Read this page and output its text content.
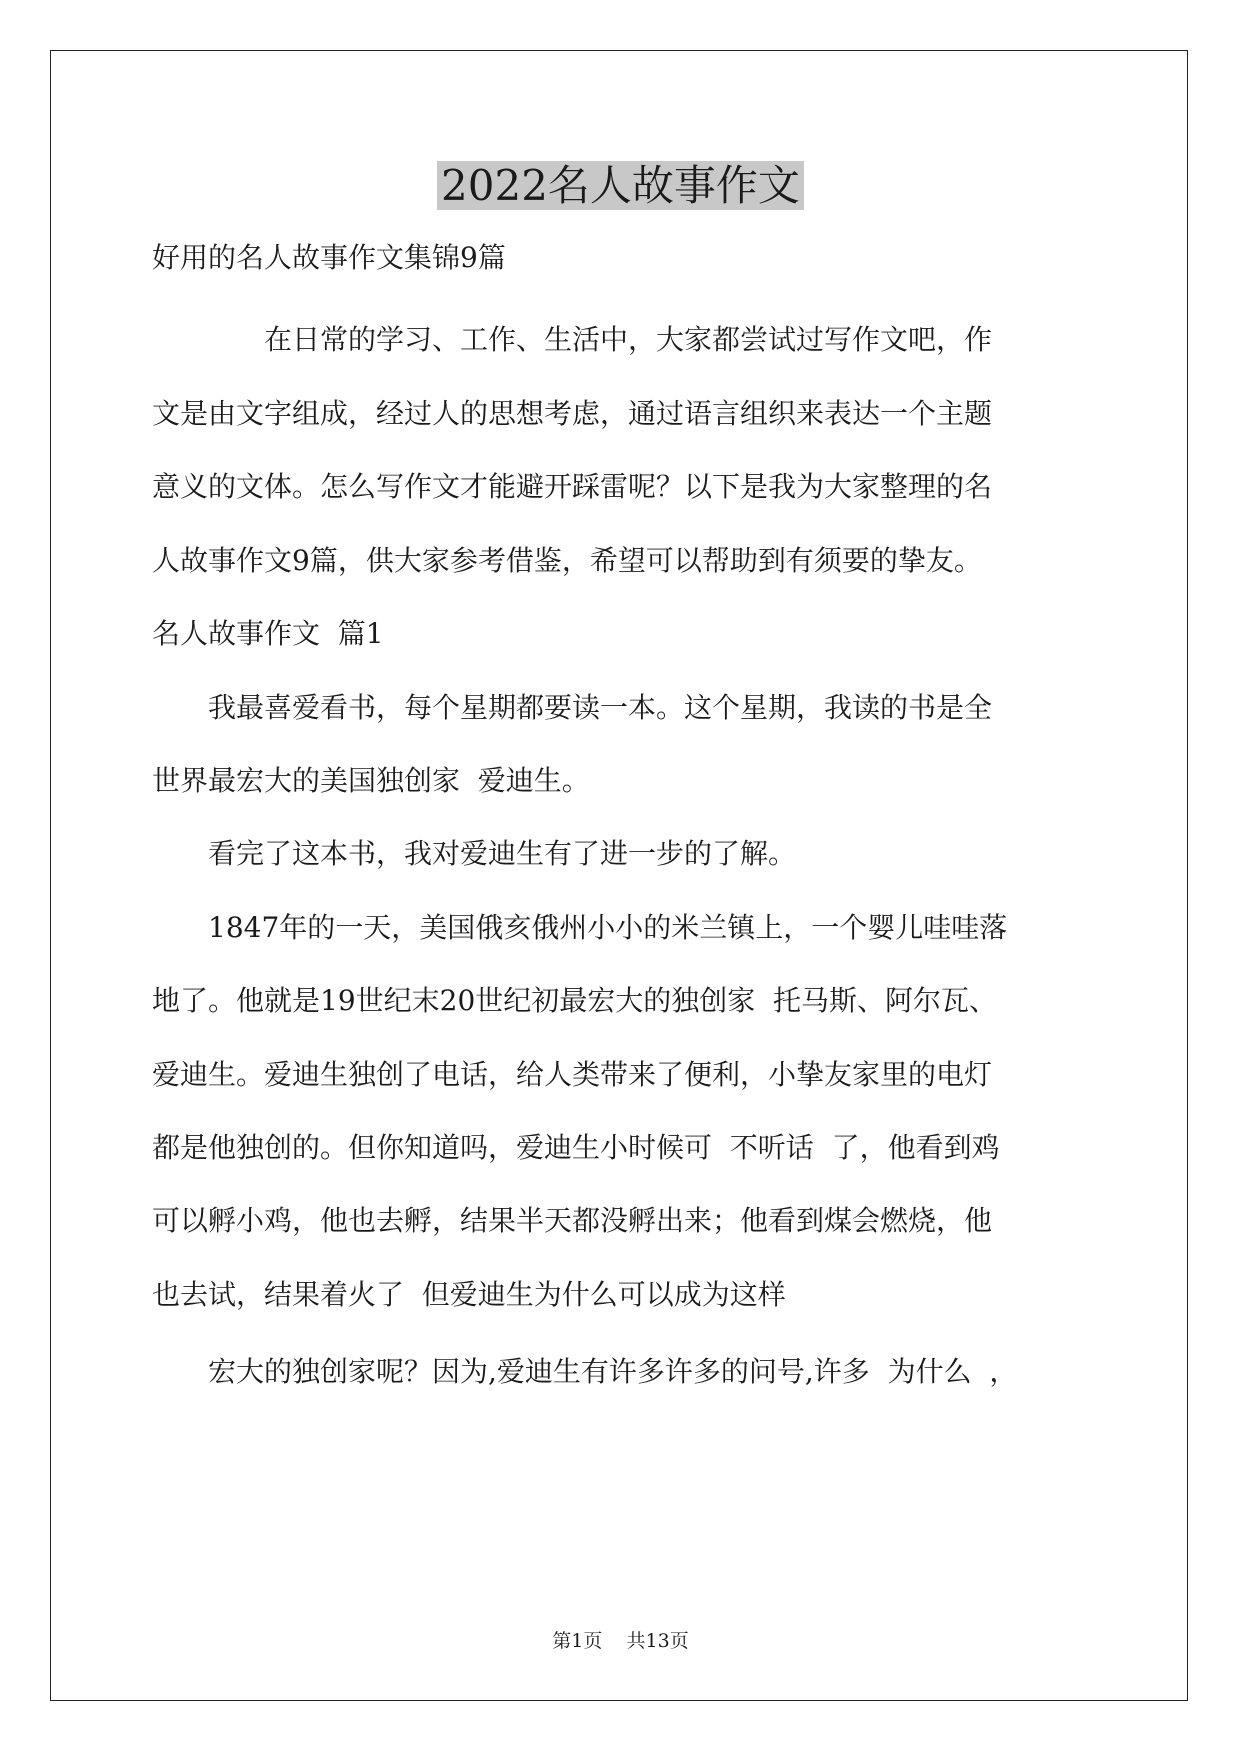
2022名人故事作文

好用的名人故事作文集锦9篇

　　　　在日常的学习、工作、生活中，大家都尝试过写作文吧，作

文是由文字组成，经过人的思想考虑，通过语言组织来表达一个主题

意义的文体。怎么写作文才能避开踩雷呢？以下是我为大家整理的名

人故事作文9篇，供大家参考借鉴，希望可以帮助到有须要的挚友。

名人故事作文  篇1

　　我最喜爱看书，每个星期都要读一本。这个星期，我读的书是全

世界最宏大的美国独创家  爱迪生。

　　看完了这本书，我对爱迪生有了进一步的了解。

　　1847年的一天，美国俄亥俄州小小的米兰镇上，一个婴儿哇哇落

地了。他就是19世纪末20世纪初最宏大的独创家  托马斯、阿尔瓦、

爱迪生。爱迪生独创了电话，给人类带来了便利，小挚友家里的电灯

都是他独创的。但你知道吗，爱迪生小时候可  不听话  了，他看到鸡

可以孵小鸡，他也去孵，结果半天都没孵出来；他看到煤会燃烧，他

也去试，结果着火了  但爱迪生为什么可以成为这样

　　宏大的独创家呢？因为,爱迪生有许多许多的问号,许多  为什么  ，

第1页    共13页
